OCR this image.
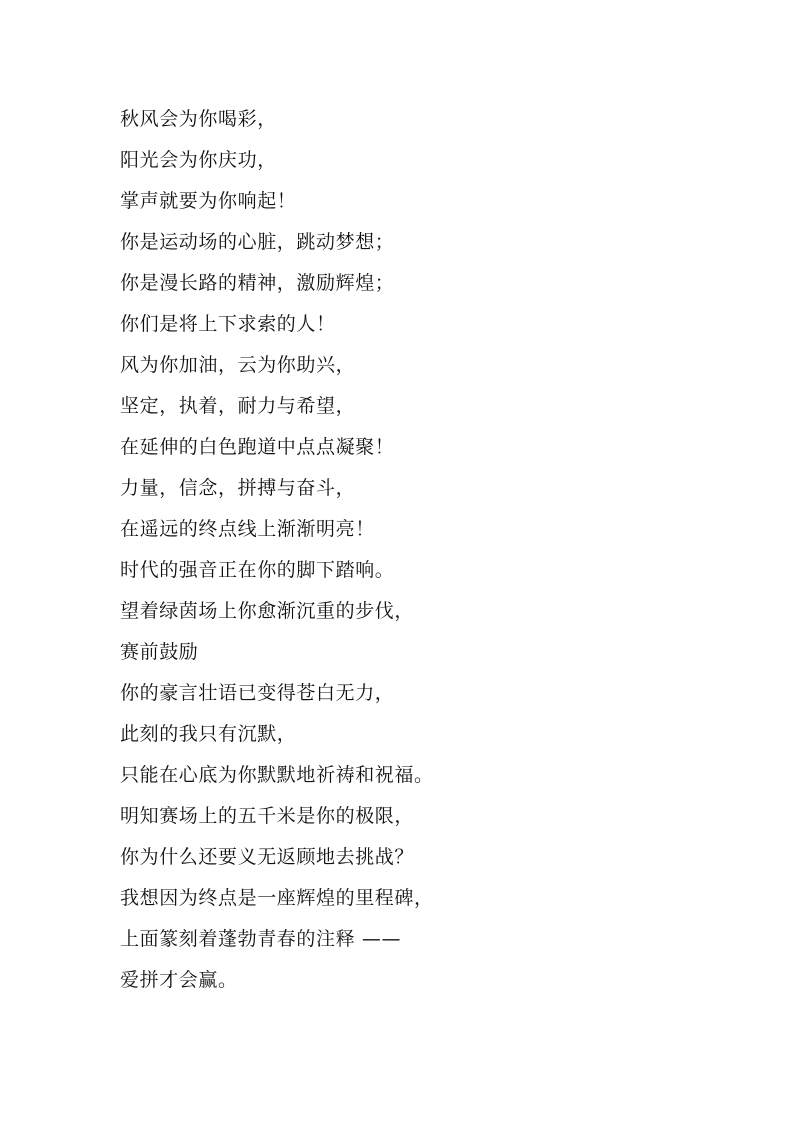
秋风会为你喝彩，
阳光会为你庆功，
掌声就要为你响起！
你是运动场的心脏，跳动梦想；
你是漫长路的精神，激励辉煌；
你们是将上下求索的人！
风为你加油，云为你助兴，
坚定，执着，耐力与希望，
在延伸的白色跑道中点点凝聚！
力量，信念，拼搏与奋斗，
在遥远的终点线上渐渐明亮！
时代的强音正在你的脚下踏响。
望着绿茵场上你愈渐沉重的步伐，
赛前鼓励
你的豪言壮语已变得苍白无力，
此刻的我只有沉默，
只能在心底为你默默地祈祷和祝福。
明知赛场上的五千米是你的极限，
你为什么还要义无返顾地去挑战？
我想因为终点是一座辉煌的里程碑，
上面篆刻着蓬勃青春的注释 ——
爱拼才会赢。
